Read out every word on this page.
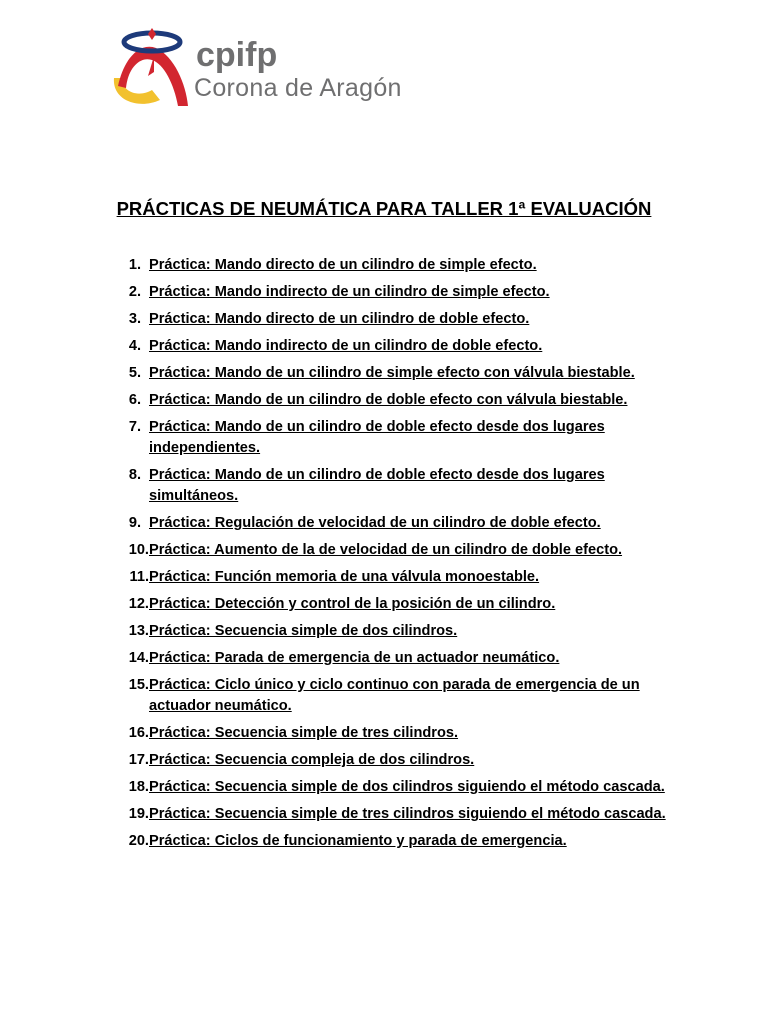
cpifp
Corona de Aragón
PRÁCTICAS DE NEUMÁTICA PARA TALLER 1ª EVALUACIÓN
1. Práctica: Mando directo de un cilindro de simple efecto.
2. Práctica: Mando indirecto de un cilindro de simple efecto.
3. Práctica: Mando directo de un cilindro de doble efecto.
4. Práctica: Mando indirecto de un cilindro de doble efecto.
5. Práctica: Mando de un cilindro de simple efecto con válvula biestable.
6. Práctica: Mando de un cilindro de doble efecto con válvula biestable.
7. Práctica: Mando de un cilindro de doble efecto desde dos lugares independientes.
8. Práctica: Mando de un cilindro de doble efecto desde dos lugares simultáneos.
9. Práctica: Regulación de velocidad de un cilindro de doble efecto.
10. Práctica: Aumento de la de velocidad de un cilindro de doble efecto.
11. Práctica: Función memoria de una válvula monoestable.
12. Práctica: Detección y control de la posición de un cilindro.
13. Práctica: Secuencia simple de dos cilindros.
14. Práctica: Parada de emergencia de un actuador neumático.
15. Práctica: Ciclo único y ciclo continuo con parada de emergencia de un actuador neumático.
16. Práctica: Secuencia simple de tres cilindros.
17. Práctica: Secuencia compleja de dos cilindros.
18. Práctica: Secuencia simple de dos cilindros siguiendo el método cascada.
19. Práctica: Secuencia simple de tres cilindros siguiendo el método cascada.
20. Práctica: Ciclos de funcionamiento y parada de emergencia.
